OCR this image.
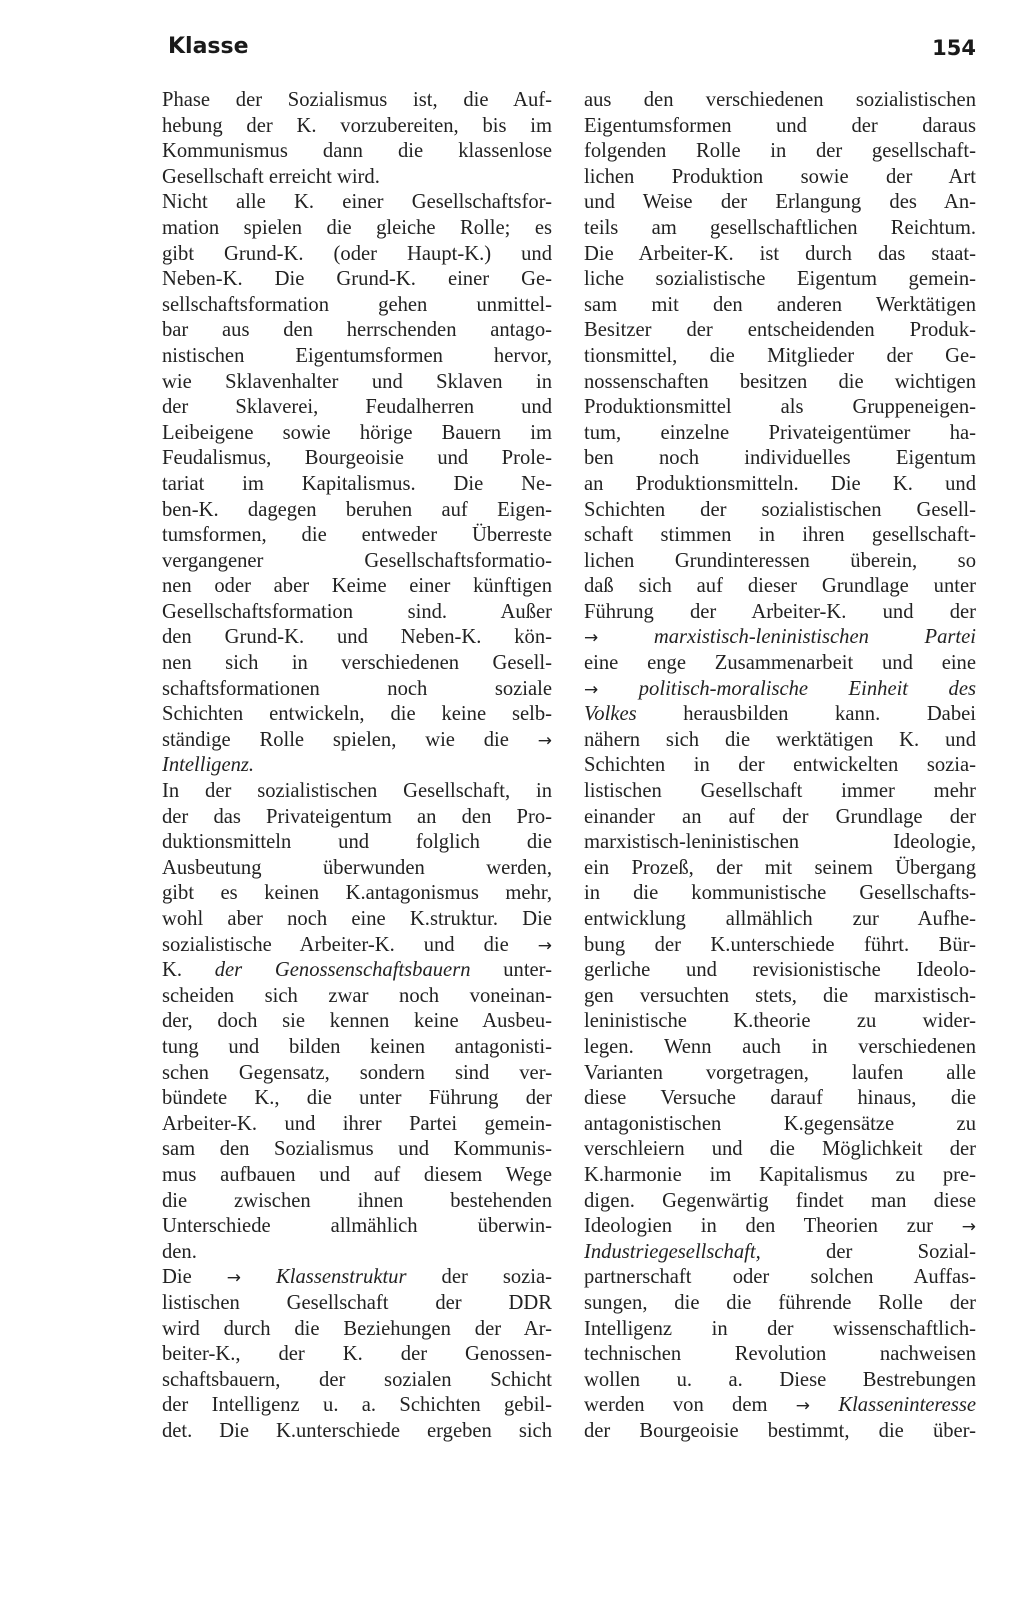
Klasse	154
Phase der Sozialismus ist, die Auf-
hebung der K. vorzubereiten, bis im
Kommunismus dann die klassenlose
Gesellschaft erreicht wird.
Nicht alle K. einer Gesellschaftsfor-
mation spielen die gleiche Rolle; es
gibt Grund-K. (oder Haupt-K.) und
Neben-K. Die Grund-K. einer Ge-
sellschaftsformation gehen unmittel-
bar aus den herrschenden antago-
nistischen Eigentumsformen hervor,
wie Sklavenhalter und Sklaven in
der Sklaverei, Feudalherren und
Leibeigene sowie hörige Bauern im
Feudalismus, Bourgeoisie und Prole-
tariat im Kapitalismus. Die Ne-
ben-K. dagegen beruhen auf Eigen-
tumsformen, die entweder Überreste
vergangener Gesellschaftsformatio-
nen oder aber Keime einer künftigen
Gesellschaftsformation sind. Außer
den Grund-K. und Neben-K. kön-
nen sich in verschiedenen Gesell-
schaftsformationen noch soziale
Schichten entwickeln, die keine selb-
ständige Rolle spielen, wie die →
Intelligenz.
In der sozialistischen Gesellschaft, in
der das Privateigentum an den Pro-
duktionsmitteln und folglich die
Ausbeutung überwunden werden,
gibt es keinen K.antagonismus mehr,
wohl aber noch eine K.struktur. Die
sozialistische Arbeiter-K. und die →
K. der Genossenschaftsbauern unter-
scheiden sich zwar noch voneinan-
der, doch sie kennen keine Ausbeu-
tung und bilden keinen antagonisti-
schen Gegensatz, sondern sind ver-
bündete K., die unter Führung der
Arbeiter-K. und ihrer Partei gemein-
sam den Sozialismus und Kommunis-
mus aufbauen und auf diesem Wege
die zwischen ihnen bestehenden
Unterschiede allmählich überwin-
den.
Die → Klassenstruktur der sozia-
listischen Gesellschaft der DDR
wird durch die Beziehungen der Ar-
beiter-K., der K. der Genossen-
schaftsbauern, der sozialen Schicht
der Intelligenz u. a. Schichten gebil-
det. Die K.unterschiede ergeben sich
aus den verschiedenen sozialistischen
Eigentumsformen und der daraus
folgenden Rolle in der gesellschaft-
lichen Produktion sowie der Art
und Weise der Erlangung des An-
teils am gesellschaftlichen Reichtum.
Die Arbeiter-K. ist durch das staat-
liche sozialistische Eigentum gemein-
sam mit den anderen Werktätigen
Besitzer der entscheidenden Produk-
tionsmittel, die Mitglieder der Ge-
nossenschaften besitzen die wichtigen
Produktionsmittel als Gruppeneigen-
tum, einzelne Privateigentümer ha-
ben noch individuelles Eigentum
an Produktionsmitteln. Die K. und
Schichten der sozialistischen Gesell-
schaft stimmen in ihren gesellschaft-
lichen Grundinteressen überein, so
daß sich auf dieser Grundlage unter
Führung der Arbeiter-K. und der
→	marxistisch-leninistischen Partei
eine enge Zusammenarbeit und eine
→ politisch-moralische Einheit des
Volkes herausbilden kann. Dabei
nähern sich die werktätigen K. und
Schichten in der entwickelten sozia-
listischen Gesellschaft immer mehr
einander an auf der Grundlage der
marxistisch-leninistischen Ideologie,
ein Prozeß, der mit seinem Übergang
in die kommunistische Gesellschafts-
entwicklung allmählich zur Aufhe-
bung der K.unterschiede führt. Bür-
gerliche und revisionistische Ideolo-
gen versuchten stets, die marxistisch-
leninistische K.theorie zu wider-
legen. Wenn auch in verschiedenen
Varianten vorgetragen, laufen alle
diese Versuche darauf hinaus, die
antagonistischen K.gegensätze zu
verschleiern und die Möglichkeit der
K.harmonie im Kapitalismus zu pre-
digen. Gegenwärtig findet man diese
Ideologien in den Theorien zur →
Industriegesellschaft, der Sozial-
partnerschaft oder solchen Auffas-
sungen, die die führende Rolle der
Intelligenz in der wissenschaftlich-
technischen Revolution nachweisen
wollen u. a. Diese Bestrebungen
werden von dem → Klasseninteresse
der Bourgeoisie bestimmt, die über-
